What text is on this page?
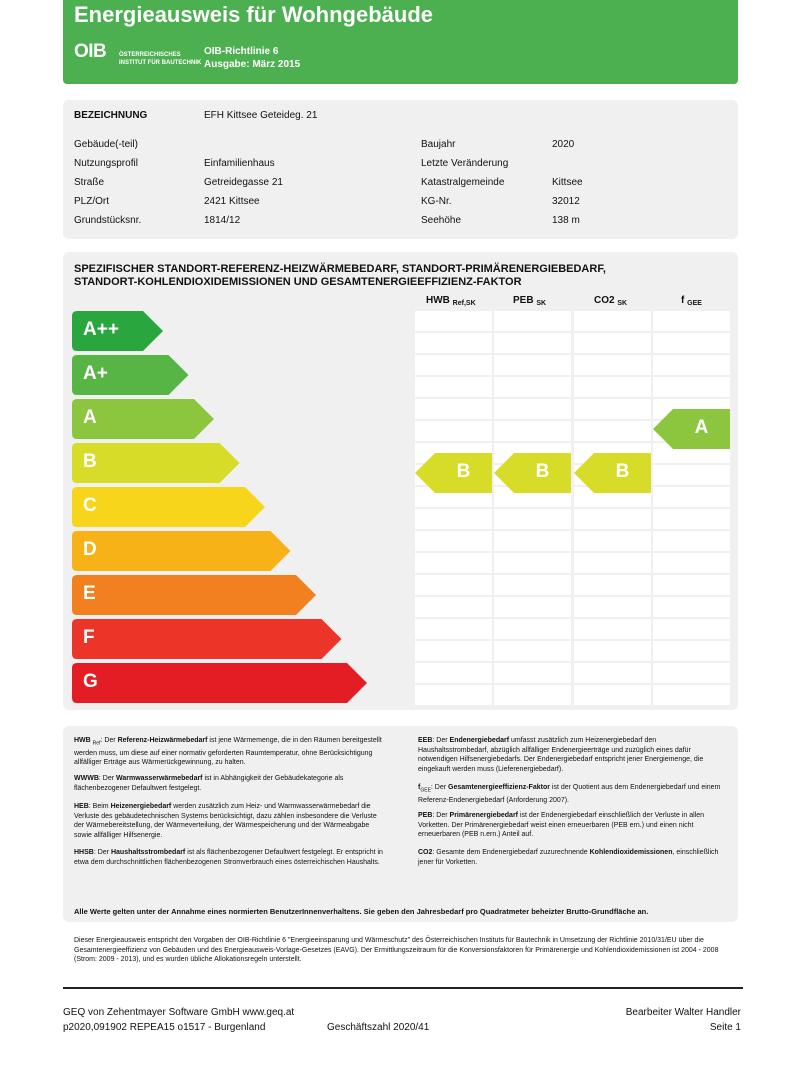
Energieausweis für Wohngebäude
OIB ÖSTERREICHISCHES
INSTITUT FÜR BAUTECHNIK
OIB-Richtlinie 6
Ausgabe: März 2015
BEZEICHNUNG	EFH Kittsee Geteideg. 21
Gebäude(-teil)
Nutzungsprofil	Einfamilienhaus
Straße	Getreidegasse 21
PLZ/Ort	2421 Kittsee
Grundstücksnr.	1814/12
Baujahr	2020
Letzte Veränderung
Katastralgemeinde	Kittsee
KG-Nr.	32012
Seehöhe	138 m
SPEZIFISCHER STANDORT-REFERENZ-HEIZWÄRMEBEDARF, STANDORT-PRIMÄRENERGIEBEDARF,
STANDORT-KOHLENDIOXIDEMISSIONEN UND GESAMTENERGIEEFFIZIENZ-FAKTOR
HWB $_{Ref,SK}$	PEB $_{SK}$	CO2 $_{SK}$	f $_{GEE}$
A++
A+
A
B
C
D
E
F
G
B	B	B
A
HWB $_{Ref}$: Der Referenz-Heizwärmebedarf ist jene Wärmemenge, die in den Räumen bereitgestellt werden muss, um diese auf einer normativ geforderten Raumtemperatur, ohne Berücksichtigung allfälliger Erträge aus Wärmerückgewinnung, zu halten.
WWWB: Der Warmwasserwärmebedarf ist in Abhängigkeit der Gebäudekategorie als flächenbezogener Defaultwert festgelegt.
HEB: Beim Heizenergiebedarf werden zusätzlich zum Heiz- und Warmwasserwärmebedarf die Verluste des gebäudetechnischen Systems berücksichtigt, dazu zählen insbesondere die Verluste der Wärmebereitstellung, der Wärmeverteilung, der Wärmespeicherung und der Wärmeabgabe sowie allfälliger Hilfsenergie.
HHSB: Der Haushaltsstrombedarf ist als flächenbezogener Defaultwert festgelegt. Er entspricht in etwa dem durchschnittlichen flächenbezogenen Stromverbrauch eines österreichischen Haushalts.
EEB: Der Endenergiebedarf umfasst zusätzlich zum Heizenergiebedarf den Haushaltsstrombedarf, abzüglich allfälliger Endenergieerträge und zuzüglich eines dafür notwendigen Hilfsenergiebedarfs. Der Endenergiebedarf entspricht jener Energiemenge, die eingekauft werden muss (Lieferenergiebedarf).
$f_{GEE}$: Der Gesamtenergieeffizienz-Faktor ist der Quotient aus dem Endenergiebedarf und einem Referenz-Endenergiebedarf (Anforderung 2007).
PEB: Der Primärenergiebedarf ist der Endenergiebedarf einschließlich der Verluste in allen Vorketten. Der Primärenergiebedarf weist einen erneuerbaren (PEB ern.) und einen nicht erneuerbaren (PEB n.ern.) Anteil auf.
CO2: Gesamte dem Endenergiebedarf zuzurechnende Kohlendioxidemissionen, einschließlich jener für Vorketten.
Alle Werte gelten unter der Annahme eines normierten BenutzerInnenverhaltens. Sie geben den Jahresbedarf pro Quadratmeter beheizter Brutto-Grundfläche an.
Dieser Energieausweis entspricht den Vorgaben der OIB-Richtlinie 6 "Energieeinsparung und Wärmeschutz" des Österreichischen Instituts für Bautechnik in Umsetzung der Richtlinie 2010/31/EU über die Gesamtenergieeffizienz von Gebäuden und des Energieausweis-Vorlage-Gesetzes (EAVG). Der Ermittlungszeitraum für die Konversionsfaktoren für Primärenergie und Kohlendioxidemissionen ist 2004 - 2008 (Strom: 2009 - 2013), und es wurden übliche Allokationsregeln unterstellt.
GEQ von Zehentmayer Software GmbH www.geq.at
p2020,091902 REPEA15 o1517 - Burgenland	Geschäftszahl 2020/41
Bearbeiter Walter Handler
Seite 1
